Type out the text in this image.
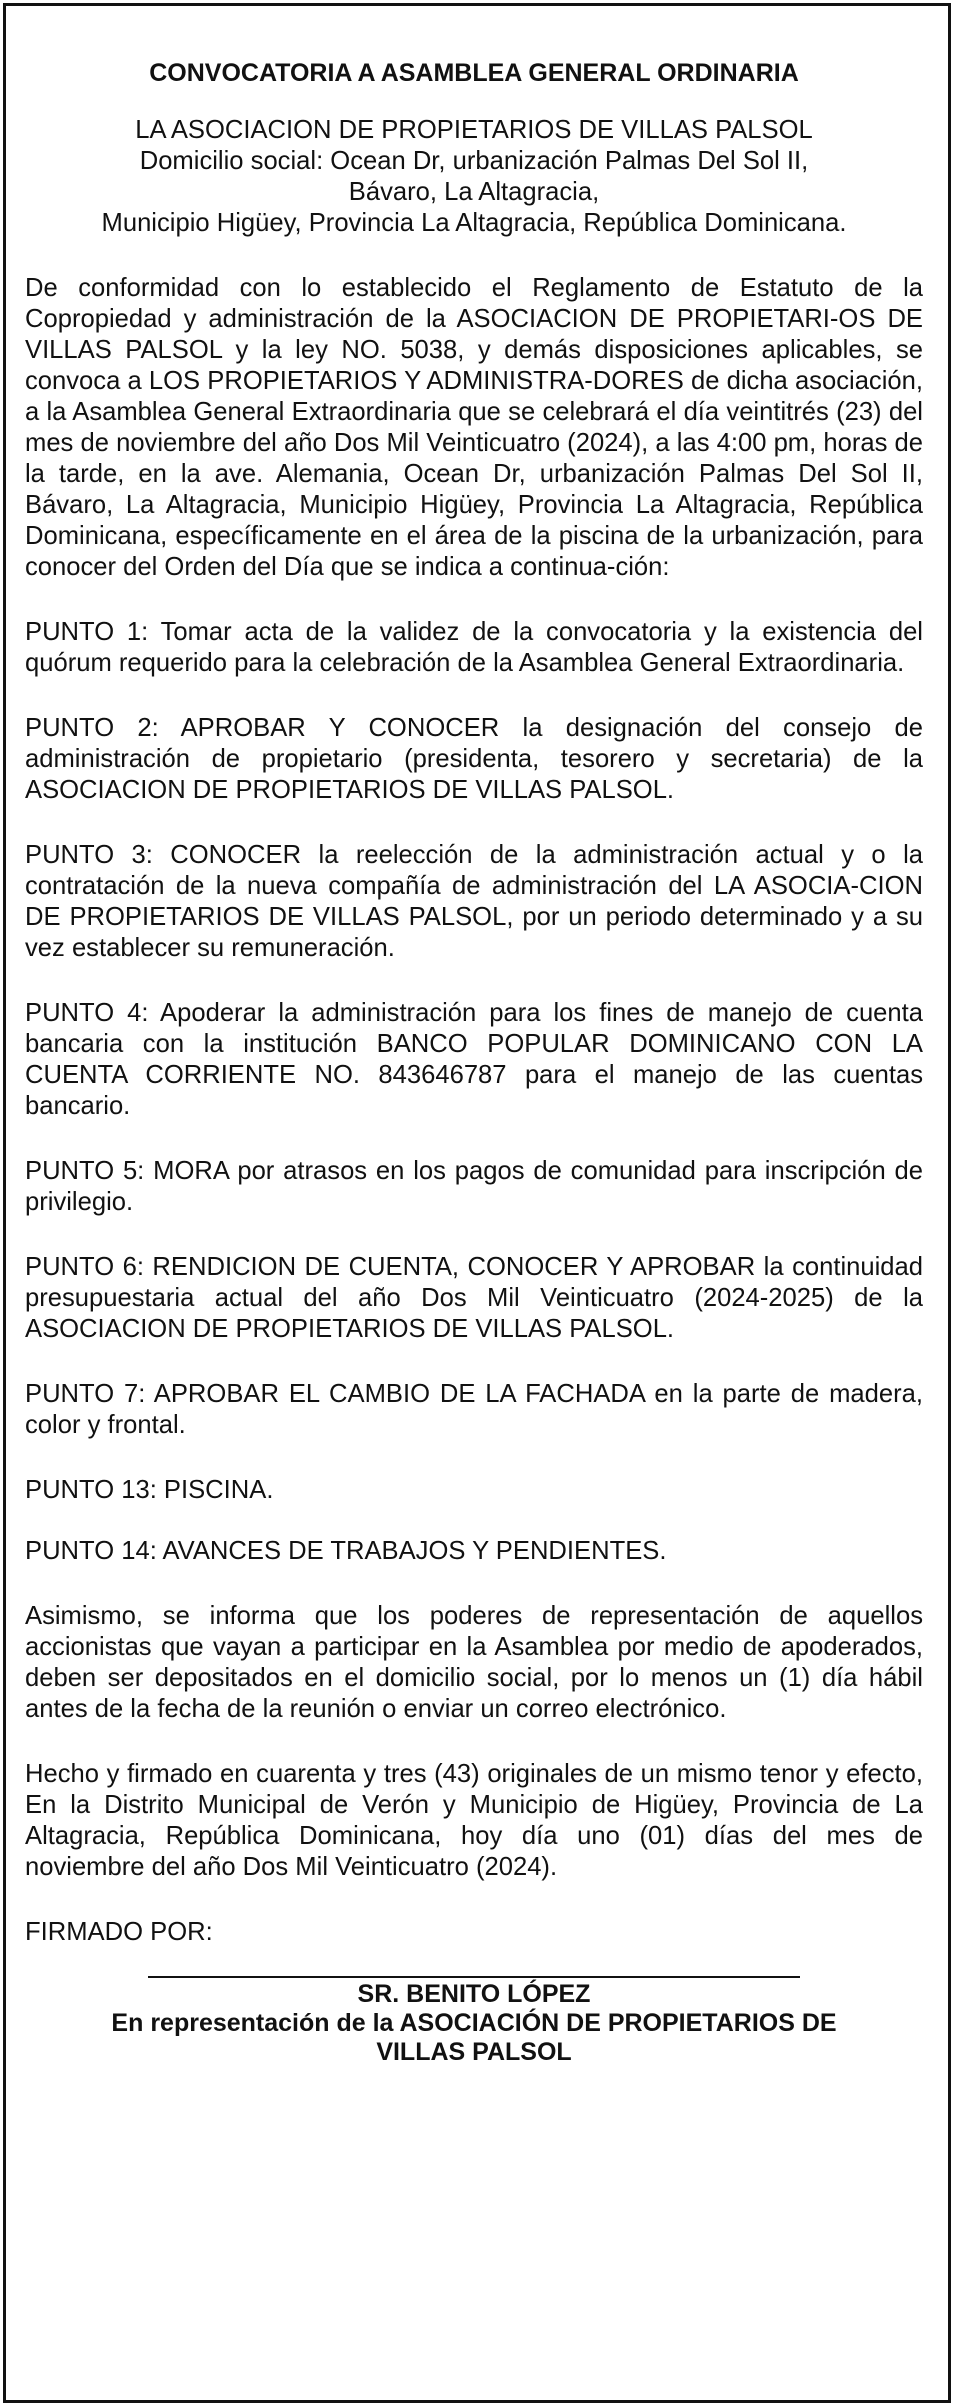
CONVOCATORIA A ASAMBLEA GENERAL ORDINARIA
LA ASOCIACION DE PROPIETARIOS DE VILLAS PALSOL
Domicilio social: Ocean Dr, urbanización Palmas Del Sol II,
Bávaro, La Altagracia,
Municipio Higüey, Provincia La Altagracia, República Dominicana.

De conformidad con lo establecido el Reglamento de Estatuto de la Copropiedad y administración de la ASOCIACION DE PROPIETARI-OS DE VILLAS PALSOL y la ley NO. 5038, y demás disposiciones aplicables, se convoca a LOS PROPIETARIOS Y ADMINISTRA-DORES de dicha asociación, a la Asamblea General Extraordinaria que se celebrará el día veintitrés (23) del mes de noviembre del año Dos Mil Veinticuatro (2024), a las 4:00 pm, horas de la tarde, en la ave. Alemania, Ocean Dr, urbanización Palmas Del Sol II, Bávaro, La Altagracia, Municipio Higüey, Provincia La Altagracia, República Dominicana, específicamente en el área de la piscina de la urbanización, para conocer del Orden del Día que se indica a continua-ción:

PUNTO 1: Tomar acta de la validez de la convocatoria y la existencia del quórum requerido para la celebración de la Asamblea General Extraordinaria.

PUNTO 2: APROBAR Y CONOCER la designación del consejo de administración de propietario (presidenta, tesorero y secretaria) de la ASOCIACION DE PROPIETARIOS DE VILLAS PALSOL.

PUNTO 3: CONOCER la reelección de la administración actual y o la contratación de la nueva compañía de administración del LA ASOCIA-CION DE PROPIETARIOS DE VILLAS PALSOL, por un periodo determinado y a su vez establecer su remuneración.

PUNTO 4: Apoderar la administración para los fines de manejo de cuenta bancaria con la institución BANCO POPULAR DOMINICANO CON LA CUENTA CORRIENTE NO. 843646787 para el manejo de las cuentas bancario.

PUNTO 5: MORA por atrasos en los pagos de comunidad para inscripción de privilegio.

PUNTO 6: RENDICION DE CUENTA, CONOCER Y APROBAR la continuidad presupuestaria actual del año Dos Mil Veinticuatro (2024-2025) de la ASOCIACION DE PROPIETARIOS DE VILLAS PALSOL.

PUNTO 7: APROBAR EL CAMBIO DE LA FACHADA en la parte de madera, color y frontal.

PUNTO 13: PISCINA.

PUNTO 14: AVANCES DE TRABAJOS Y PENDIENTES.

Asimismo, se informa que los poderes de representación de aquellos accionistas que vayan a participar en la Asamblea por medio de apoderados, deben ser depositados en el domicilio social, por lo menos un (1) día hábil antes de la fecha de la reunión o enviar un correo electrónico.

Hecho y firmado en cuarenta y tres (43) originales de un mismo tenor y efecto, En la Distrito Municipal de Verón y Municipio de Higüey, Provincia de La Altagracia, República Dominicana, hoy día uno (01) días del mes de noviembre del año Dos Mil Veinticuatro (2024).

FIRMADO POR:
SR. BENITO LÓPEZ
En representación de la ASOCIACIÓN DE PROPIETARIOS DE
VILLAS PALSOL
